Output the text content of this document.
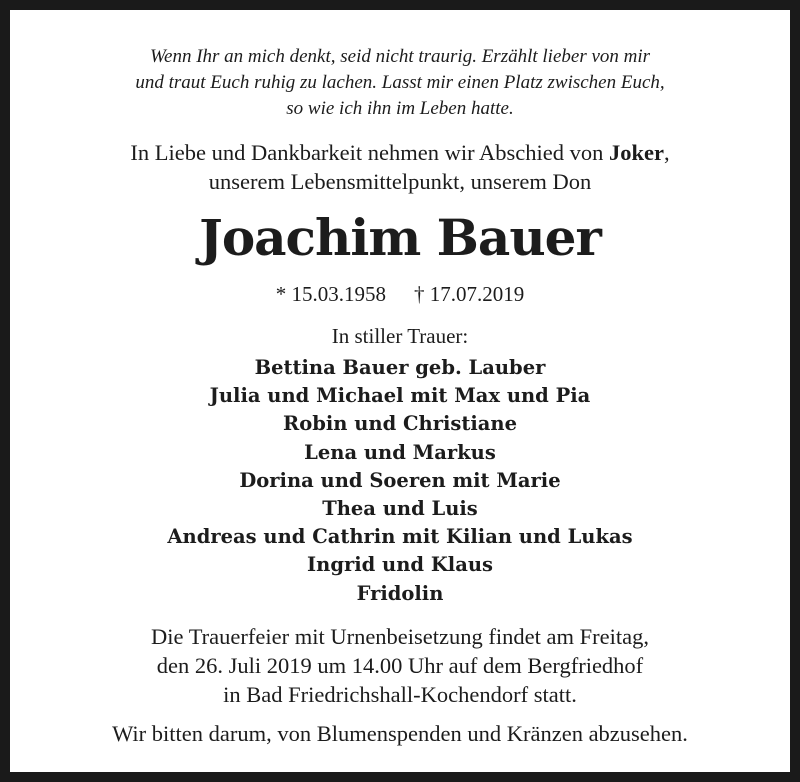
Wenn Ihr an mich denkt, seid nicht traurig. Erzählt lieber von mir
und traut Euch ruhig zu lachen. Lasst mir einen Platz zwischen Euch,
so wie ich ihn im Leben hatte.
In Liebe und Dankbarkeit nehmen wir Abschied von Joker,
unserem Lebensmittelpunkt, unserem Don
Joachim Bauer
* 15.03.1958 † 17.07.2019
In stiller Trauer:
Bettina Bauer geb. Lauber
Julia und Michael mit Max und Pia
Robin und Christiane
Lena und Markus
Dorina und Soeren mit Marie
Thea und Luis
Andreas und Cathrin mit Kilian und Lukas
Ingrid und Klaus
Fridolin
Die Trauerfeier mit Urnenbeisetzung findet am Freitag,
den 26. Juli 2019 um 14.00 Uhr auf dem Bergfriedhof
in Bad Friedrichshall-Kochendorf statt.
Wir bitten darum, von Blumenspenden und Kränzen abzusehen.
